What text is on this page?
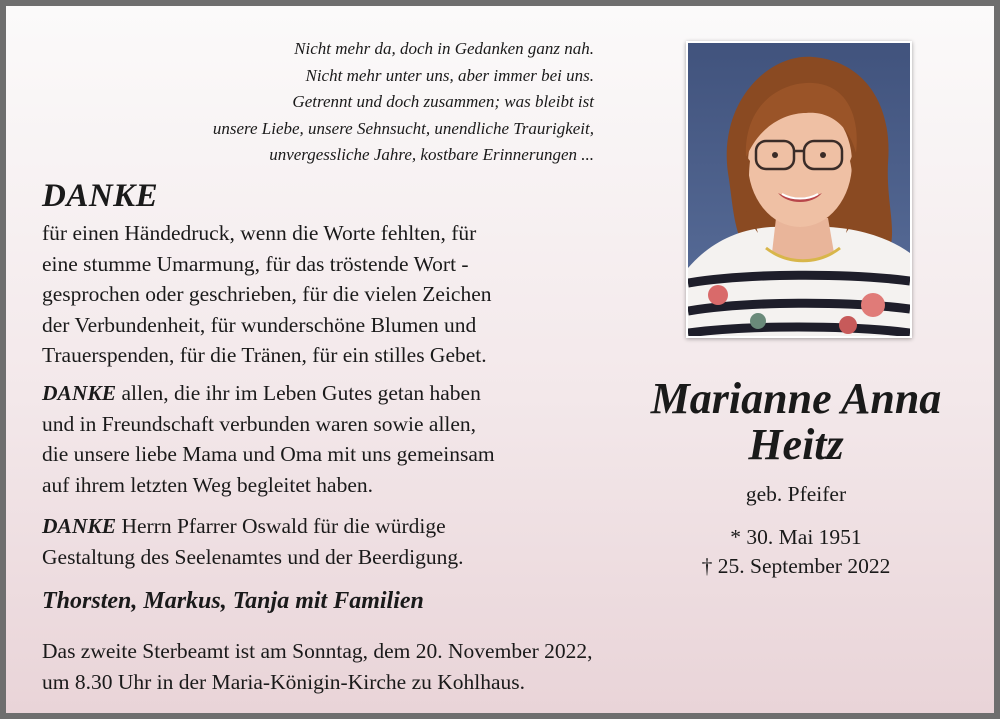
Nicht mehr da, doch in Gedanken ganz nah.
Nicht mehr unter uns, aber immer bei uns.
Getrennt und doch zusammen; was bleibt ist
unsere Liebe, unsere Sehnsucht, unendliche Traurigkeit,
unvergessliche Jahre, kostbare Erinnerungen ...
DANKE
für einen Händedruck, wenn die Worte fehlten, für
eine stumme Umarmung, für das tröstende Wort -
gesprochen oder geschrieben, für die vielen Zeichen
der Verbundenheit, für wunderschöne Blumen und
Trauerspenden, für die Tränen, für ein stilles Gebet.
DANKE allen, die ihr im Leben Gutes getan haben
und in Freundschaft verbunden waren sowie allen,
die unsere liebe Mama und Oma mit uns gemeinsam
auf ihrem letzten Weg begleitet haben.
DANKE Herrn Pfarrer Oswald für die würdige
Gestaltung des Seelenamtes und der Beerdigung.
Thorsten, Markus, Tanja mit Familien
Das zweite Sterbeamt ist am Sonntag, dem 20. November 2022,
um 8.30 Uhr in der Maria-Königin-Kirche zu Kohlhaus.
Marianne Anna
Heitz
geb. Pfeifer
* 30. Mai 1951
† 25. September 2022
